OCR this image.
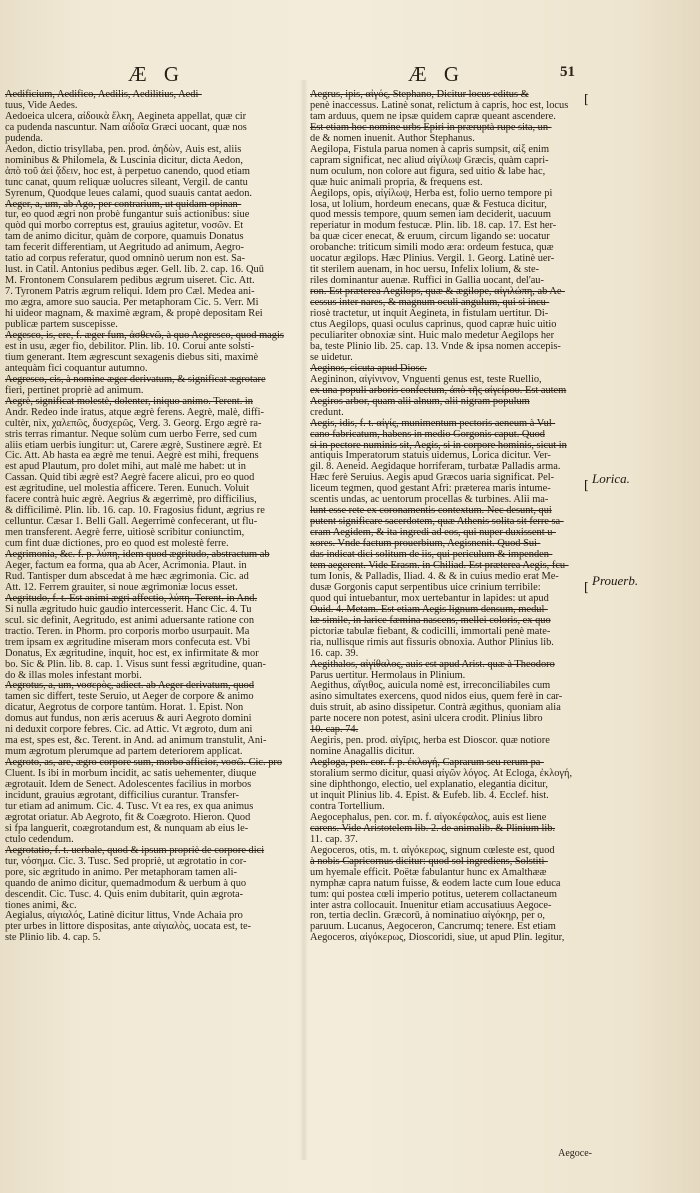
Æ G	Æ G	51

Aedificium, Aedifico, Aedilis, Aedilitius, Aedi-

tuus, Vide Aedes.

Aedoeica ulcera, αἰδοικὰ ἕλκη, Aegineta appellat, quæ cir

ca pudenda nascuntur. Nam αἰδοῖα Græci uocant, quæ nos

pudenda.

Aedon, dictio trisyllaba, pen. prod. ἀηδὼν, Auis est, aliis

nominibus & Philomela, & Luscinia dicitur, dicta Aedon,

ἀπὸ τοῦ ἀεὶ ᾄδειν, hoc est, à perpetuo canendo, quod etiam

tunc canat, quum reliquæ uolucres sileant, Vergil. de cantu

Syrenum, Quodque leues calami, quod suauis cantat aedon.

Aeger, a, um, ab Ago, per contrarium, ut quidam opinan-

tur, eo quod ægri non probè fungantur suis actionibus: siue

quòd qui morbo correptus est, grauius agitetur, νοσῶν. Et

tam de animo dicitur, quàm de corpore, quamuis Donatus

tam fecerit differentiam, ut Aegritudo ad animum, Aegro-

tatio ad corpus referatur, quod omninò uerum non est. Sa-

lust. in Catil. Antonius pedibus æger. Gell. lib. 2. cap. 16. Quū

M. Frontonem Consularem pedibus ægrum uiseret. Cic. Att.

7. Tyronem Patris ægrum reliqui. Idem pro Cæl. Medea ani-

mo ægra, amore suo saucia. Per metaphoram Cic. 5. Verr. Mi

hi uideor magnam, & maximè ægram, & propè depositam Rei

publicæ partem suscepisse.

Aegesco, is, ere, f. æger fum, ἀσθενῶ, à quo Aegresco, quod magis

est in usu, æger fio, debilitor. Plin. lib. 10. Corui ante solsti-

tium generant. Item ægrescunt sexagenis diebus siti, maximè

antequàm fici coquantur autumno.

Aegresco, cis, à nomine æger derivatum, & significat ægrotare

fieri, pertinet propriè ad animum.

Aegrè, significat molestè, dolenter, iniquo animo. Terent. in

Andr. Redeo inde iratus, atque ægrè ferens. Aegrè, malè, diffi-

cultèr, nix, χαλεπῶς, δυσχερῶς, Verg. 3. Georg. Ergo ægrè ra-

stris terras rimantur. Neque solùm cum uerbo Ferre, sed cum

aliis etiam uerbis iungitur: ut, Carere ægrè, Sustinere ægrè. Et

Cic. Att. Ab hasta ea ægrè me tenui. Aegrè est mihi, frequens

est apud Plautum, pro dolet mihi, aut malè me habet: ut in

Cassan. Quid tibi ægrè est? Aegrè facere alicui, pro eo quod

est ægritudine, uel molestia afficere. Teren. Eunuch. Voluit

facere contrà huic ægrè. Aegrius & ægerrimè, pro difficilius,

& difficilimè. Plin. lib. 16. cap. 10. Fragosius fidunt, ægrius re

celluntur. Cæsar 1. Belli Gall. Aegerrimè confecerant, ut flu-

men transferent. Aegrè ferre, uitiosè scribitur coniunctim,

cum fint duæ dictiones, pro eo quod est molestè ferre.

Aegrimonia, &c. f. p. λύπη, idem quod ægritudo, abstractum ab

Aeger, factum ea forma, qua ab Acer, Acrimonia. Plaut. in

Rud. Tantisper dum abscedat à me hæc ægrimonia. Cic. ad

Att. 12. Ferrem grauiter, si noue ægrimoniæ locus esset.

Aegritudo, f. t. Est animi ægri affectio, λύπη. Terent. in And.

Si nulla ægritudo huic gaudio intercesserit. Hanc Cic. 4. Tu

scul. sic definit, Aegritudo, est animi aduersante ratione con

tractio. Teren. in Phorm. pro corporis morbo usurpauit. Ma

trem ipsam ex ægritudine miseram mors confecuta est. Vbi

Donatus, Ex ægritudine, inquit, hoc est, ex infirmitate & mor

bo. Sic & Plin. lib. 8. cap. 1. Visus sunt fessi ægritudine, quan-

do & illas moles infestant morbi.

Aegrotus, a, um, νοσερὸς, adiect. ab Aeger derivatum, quod

tamen sic differt, teste Seruio, ut Aeger de corpore & animo

dicatur, Aegrotus de corpore tantùm. Horat. 1. Epist. Non

domus aut fundus, non æris aceruus & auri Aegroto domini

ni deduxit corpore febres. Cic. ad Attic. Vt ægroto, dum ani

ma est, spes est, &c. Terent. in And. ad animum transtulit, Ani-

mum ægrotum plerumque ad partem deteriorem applicat.

Aegroto, as, are, ægro corpore sum, morbo afficior, νοσῶ. Cic. pro

Cluent. Is ibi in morbum incidit, ac satis uehementer, diuque

ægrotauit. Idem de Senect. Adolescentes facilius in morbos

incidunt, grauius ægrotant, difficilius curantur. Transfer-

tur etiam ad animum. Cic. 4. Tusc. Vt ea res, ex qua animus

ægrotat oriatur. Ab Aegroto, fit & Coægroto. Hieron. Quod

si fpa languerit, coægrotandum est, & nunquam ab eius le-

ctulo cedendum.

Aegrotatio, f. t. uerbale, quod & ipsum propriè de corpore dici

tur, νόσημα. Cic. 3. Tusc. Sed propriè, ut ægrotatio in cor-

pore, sic ægritudo in animo. Per metaphoram tamen ali-

quando de animo dicitur, quemadmodum & uerbum à quo

descendit. Cic. Tusc. 4. Quis enim dubitarit, quin ægrota-

tiones animi, &c.

Aegialus, αἰγιαλός, Latinè dicitur littus, Vnde Achaia pro

pter urbes in littore dispositas, ante αἰγιαλὸς, uocata est, te-

ste Plinio lib. 4. cap. 5.

Aegrus, ipis, αἰγός, Stephano, Dicitur locus editus &

penè inaccessus. Latinè sonat, relictum à capris, hoc est, locus

tam arduus, quem ne ipsæ quidem capræ queant ascendere.

Est etiam hoc nomine urbs Epiri in præruptà rupe sita, un-

de & nomen inuenit. Author Stephanus.

Aegilopa, Fistula parua nomen à capris sumpsit, αἰξ enim

capram significat, nec aliud αἰγίλωψ Græcis, quàm capri-

num oculum, non colore aut figura, sed uitio & labe hac,

quæ huic animali propria, & frequens est.

Aegilops, opis, αἰγίλωψ, Herba est, folio uerno tempore pi

losa, ut lolium, hordeum enecans, quæ & Festuca dicitur,

quod messis tempore, quum semen iam deciderit, uacuum

reperiatur in modum festucæ. Plin. lib. 18. cap. 17. Est her-

ba quæ cicer enecat, & eruum, circum ligando se: uocatur

orobanche: triticum simili modo æra: ordeum festuca, quæ

uocatur ægilops. Hæc Plinius. Vergil. 1. Georg. Latinè uer-

tit sterilem auenam, in hoc uersu, Infelix lolium, & ste-

riles dominantur auenæ. Ruffici in Gallia uocant, del'au-

ron. Est præterea Aegilops, quæ & ægilope, αἰγιλώπη, ab Ae-

cessus inter nares, & magnum oculi angulum, qui si incu-

riosè tractetur, ut inquit Aegineta, in fistulam uertitur. Di-

ctus Aegilops, quasi oculus caprinus, quod capræ huic uitio

peculiariter obnoxiæ sint. Huic malo medetur Aegilops her

ba, teste Plinio lib. 25. cap. 13. Vnde & ipsa nomen accepis-

se uidetur.

Aeginos, cicuta apud Diosc.

Aegininon, αἰγίνινον, Vnguenti genus est, teste Ruellio,

ex una populi arboris confectum, ἀπὸ τῆς αἰγείρου. Est autem

Aegiros arbor, quam alii alnum, alii nigram populum

credunt.

Aegis, idis, f. t. αἰγίς, munimentum pectoris aeneum à Vul-

cano fabricatum, habens in medio Gorgonis caput. Quod

si in pectore numinis sit, Aegis, si in corpore hominis, sicut in

antiquis Imperatorum statuis uidemus, Lorica dicitur. Ver-

gil. 8. Aeneid. Aegidaque horriferam, turbatæ Palladis arma.

Hæc ferè Seruius. Aegis apud Græcos uaria significat. Pel-

liceum tegmen, quod gestant Afri: præterea maris intume-

scentis undas, ac uentorum procellas & turbines. Alii ma-

lunt esse rete ex coronamentis contextum. Nec desunt, qui

putent significare sacerdotem, quæ Athenis solita sit ferre sa-

cram Aegidem, & ita ingredi ad eos, qui nuper duxissent u-

xores. Vnde factum prouerbium, Aegisnenit. Quod Sui-

das indicat dici solitum de iis, qui periculum & impenden-

tem aegerent. Vide Erasm. in Chiliad. Est præterea Aegis, fcu-

tum Ionis, & Palladis, Iliad. 4. & & in cuius medio erat Me-

dusæ Gorgonis caput serpentibus uice crinium terribile:

quod qui intuebantur, mox uertebantur in lapides: ut apud

Ouid. 4. Metam. Est etiam Aegis lignum densum, medul-

læ simile, in larice fæmina nascens, melleì coloris, ex quo

pictoriæ tabulæ fiebant, & codicilli, immortali penè mate-

ria, nullisque rimis aut fissuris obnoxia. Author Plinius lib.

16. cap. 39.

Aegithalos, αἰγίθαλος, auis est apud Arist. quæ à Theodoro

Parus uertitur. Hermolaus in Plinium.

Aegithus, αἴγιθος, auicula nomè est, irreconciliabiles cum

asino simultates exercens, quod nidos eius, quem ferè in car-

duis struit, ab asino dissipetur. Contrà ægithus, quoniam alia

parte nocere non potest, asini ulcera crodit. Plinius libro

10. cap. 74.

Aegiris, pen. prod. αἰγῖρις, herba est Dioscor. quæ notiore

nomine Anagallis dicitur.

Aegloga, pen. cor. f. p. ἐκλογή, Caprarum seu rerum pa-

storalium sermo dicitur, quasi αἰγῶν λόγος. At Ecloga, ἐκλογή,

sine diphthongo, electio, uel explanatio, elegantia dicitur,

ut inquit Plinius lib. 4. Epist. & Eufeb. lib. 4. Ecclef. hist.

contra Tortellium.

Aegocephalus, pen. cor. m. f. αἰγοκέφαλος, auis est liene

carens. Vide Aristotelem lib. 2. de animalib. & Plinium lib.

11. cap. 37.

Aegoceros, otis, m. t. αἰγόκερως, signum cœleste est, quod

à nobis Capricornus dicitur: quod sol ingrediens, Solstiti-

um hyemale efficit. Poëtæ fabulantur hunc ex Amalthææ

nymphæ capra natum fuisse, & eodem lacte cum Ioue educa

tum: qui postea cœli imperio potitus, ueterem collactaneum

inter astra collocauit. Inuenitur etiam accusatiuus Aegoce-

ron, tertia declin. Græcorū, à nominatiuo αἰγόκηρ, per o,

paruum. Lucanus, Aegoceron, Cancrumq; tenere. Est etiam

Aegoceros, αἰγόκερως, Dioscoridi, siue, ut apud Plin. legitur,

Lorica.
Prouerb.
[
[
[
Aegoce-
